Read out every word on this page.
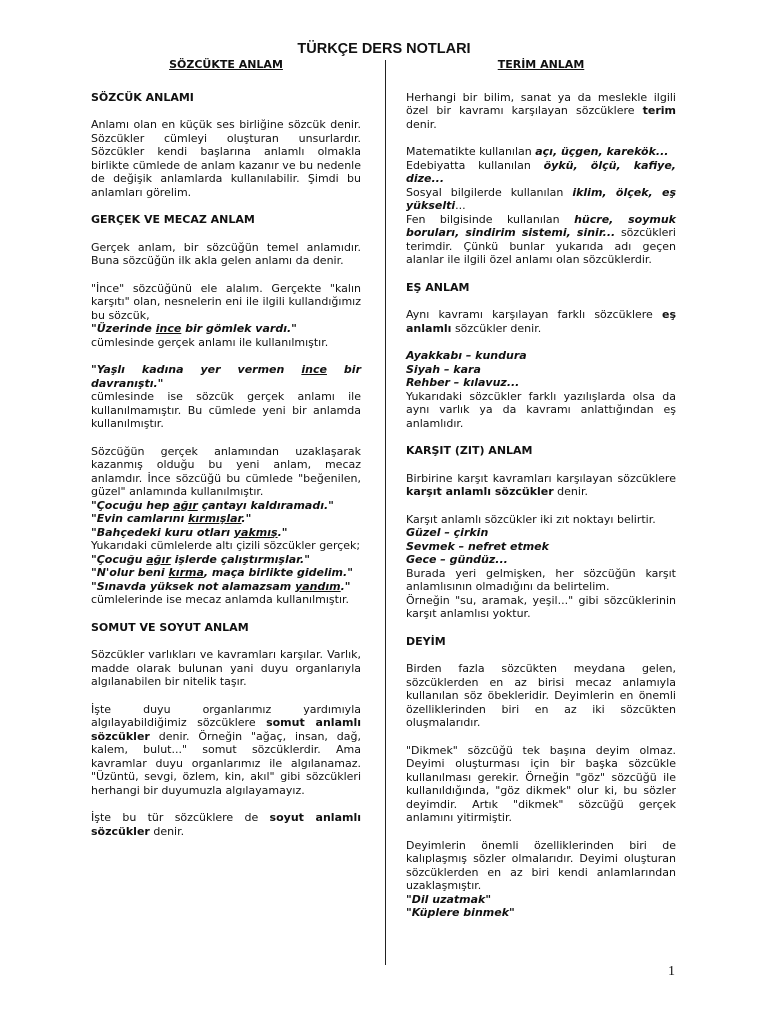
TÜRKÇE DERS NOTLARI
SÖZCÜKTE ANLAM
SÖZCÜK ANLAMI

Anlamı olan en küçük ses birliğine sözcük denir. Sözcükler cümleyi oluşturan unsurlardır. Sözcükler kendi başlarına anlamlı olmakla birlikte cümlede de anlam kazanır ve bu nedenle de değişik anlamlarda kullanılabilir. Şimdi bu anlamları görelim.

GERÇEK VE MECAZ ANLAM

Gerçek anlam, bir sözcüğün temel anlamıdır. Buna sözcüğün ilk akla gelen anlamı da denir.

"İnce" sözcüğünü ele alalım. Gerçekte "kalın karşıtı" olan, nesnelerin eni ile ilgili kullandığımız bu sözcük,

"Üzerinde ince bir gömlek vardı."

cümlesinde gerçek anlamı ile kullanılmıştır.

"Yaşlı kadına yer vermen ince bir davranıştı."

cümlesinde ise sözcük gerçek anlamı ile kullanılmamıştır. Bu cümlede yeni bir anlamda kullanılmıştır.

Sözcüğün gerçek anlamından uzaklaşarak kazanmış olduğu bu yeni anlam, mecaz anlamdır. İnce sözcüğü bu cümlede "beğenilen, güzel" anlamında kullanılmıştır.

"Çocuğu hep ağır çantayı kaldıramadı."
"Evin camlarını kırmışlar."
"Bahçedeki kuru otları yakmış."

Yukarıdaki cümlelerde altı çizili sözcükler gerçek;

"Çocuğu ağır işlerde çalıştırmışlar."
"N'olur beni kırma, maça birlikte gidelim."
"Sınavda yüksek not alamazsam yandım."

cümlelerinde ise mecaz anlamda kullanılmıştır.

SOMUT VE SOYUT ANLAM

Sözcükler varlıkları ve kavramları karşılar. Varlık, madde olarak bulunan yani duyu organlarıyla algılanabilen bir nitelik taşır.

İşte duyu organlarımız yardımıyla algılayabildiğimiz sözcüklere somut anlamlı sözcükler denir. Örneğin "ağaç, insan, dağ, kalem, bulut..." somut sözcüklerdir. Ama kavramlar duyu organlarımız ile algılanamaz. "Üzüntü, sevgi, özlem, kin, akıl" gibi sözcükleri herhangi bir duyumuzla algılayamayız.

İşte bu tür sözcüklere de soyut anlamlı sözcükler denir.

TERİM ANLAM

Herhangi bir bilim, sanat ya da meslekle ilgili özel bir kavramı karşılayan sözcüklere terim denir.

Matematikte kullanılan açı, üçgen, karekök...

Edebiyatta kullanılan öykü, ölçü, kafiye, dize...

Sosyal bilgilerde kullanılan iklim, ölçek, eş yükselti...

Fen bilgisinde kullanılan hücre, soymuk boruları, sindirim sistemi, sinir... sözcükleri terimdir. Çünkü bunlar yukarıda adı geçen alanlar ile ilgili özel anlamı olan sözcüklerdir.

EŞ ANLAM

Aynı kavramı karşılayan farklı sözcüklere eş anlamlı sözcükler denir.

Ayakkabı – kundura
Siyah – kara
Rehber – kılavuz...

Yukarıdaki sözcükler farklı yazılışlarda olsa da aynı varlık ya da kavramı anlattığından eş anlamlıdır.

KARŞIT (ZIT) ANLAM

Birbirine karşıt kavramları karşılayan sözcüklere karşıt anlamlı sözcükler denir.

Karşıt anlamlı sözcükler iki zıt noktayı belirtir.

Güzel – çirkin
Sevmek – nefret etmek
Gece – gündüz...

Burada yeri gelmişken, her sözcüğün karşıt anlamlısının olmadığını da belirtelim.

Örneğin "su, aramak, yeşil..." gibi sözcüklerinin karşıt anlamlısı yoktur.

DEYİM

Birden fazla sözcükten meydana gelen, sözcüklerden en az birisi mecaz anlamıyla kullanılan söz öbekleridir. Deyimlerin en önemli özelliklerinden biri en az iki sözcükten oluşmalarıdır.

"Dikmek" sözcüğü tek başına deyim olmaz. Deyimi oluşturması için bir başka sözcükle kullanılması gerekir. Örneğin "göz" sözcüğü ile kullanıldığında, "göz dikmek" olur ki, bu sözler deyimdir. Artık "dikmek" sözcüğü gerçek anlamını yitirmiştir.

Deyimlerin önemli özelliklerinden biri de kalıplaşmış sözler olmalarıdır. Deyimi oluşturan sözcüklerden en az biri kendi anlamlarından uzaklaşmıştır.

"Dil uzatmak"
"Küplere binmek"
1
